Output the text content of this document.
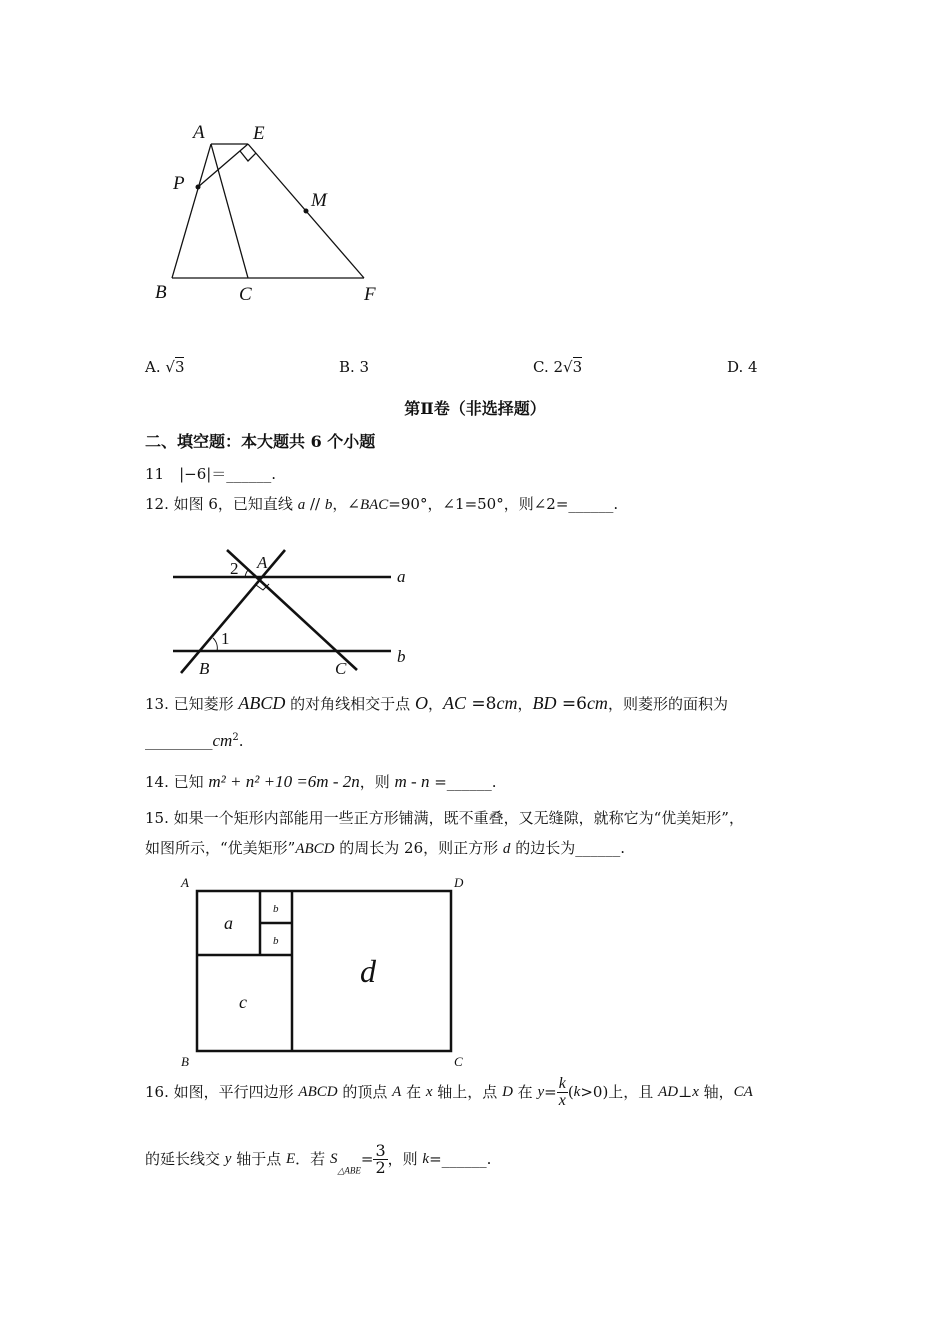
A	E
P
M
B	C	F
A. √3	B. 3	C. 2√3	D. 4
第Ⅱ卷（非选择题）
二、填空题：本大题共 6 个小题
11　|−6|＝______.
12. 如图 6，已知直线 a // b，∠BAC=90°，∠1=50°，则∠2=______.
2 A
a
1
B	C
b
13. 已知菱形 ABCD 的对角线相交于点 O，AC =8cm，BD =6cm，则菱形的面积为
$\_\_\_\_\_\_\_\_\_cm^2$.
14. 已知 m² + n² +10 =6m - 2n，则 m - n =______.
15. 如果一个矩形内部能用一些正方形铺满，既不重叠，又无缝隙，就称它为“优美矩形”，
如图所示，“优美矩形”ABCD 的周长为 26，则正方形 d 的边长为______.
A	D
B	C
a
b
b
c
d
16. 如图，平行四边形 ABCD 的顶点 A 在 x 轴上，点 D 在 $y= \frac{k}{x} (k>0)$上，且 AD⊥x 轴，CA
的延长线交 y 轴于点 E．若 $S_{\triangle ABE}= \frac{3}{2}$ ，则 k=______.
